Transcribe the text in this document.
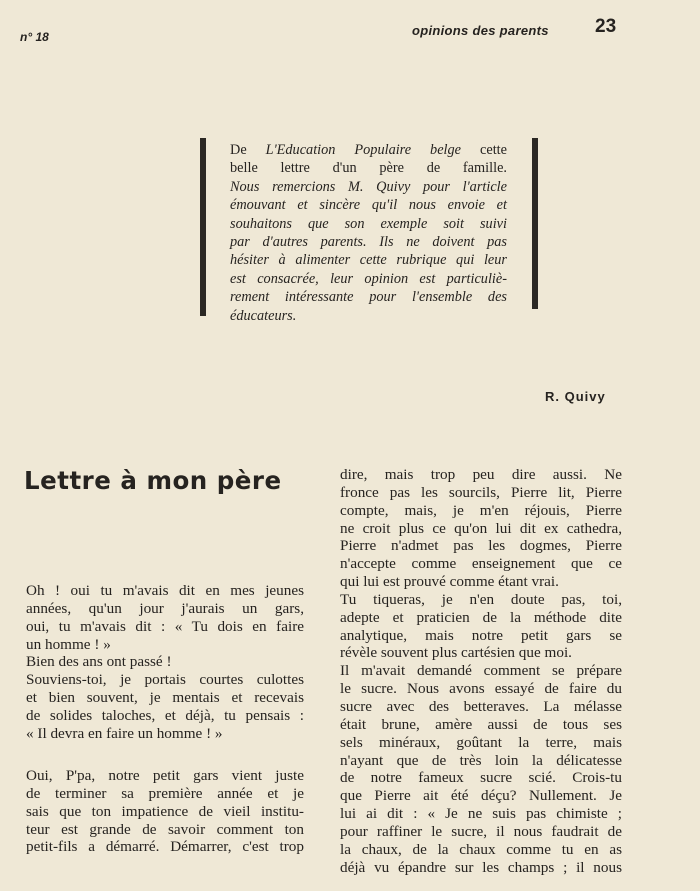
n° 18	opinions des parents 23
De L'Education Populaire belge cette
belle lettre d'un père de famille.
Nous remercions M. Quivy pour l'article
émouvant et sincère qu'il nous envoie et
souhaitons que son exemple soit suivi
par d'autres parents. Ils ne doivent pas
hésiter à alimenter cette rubrique qui leur
est consacrée, leur opinion est particuliè-
rement intéressante pour l'ensemble des
éducateurs.
R. Quivy
Lettre à mon père
Oh ! oui tu m'avais dit en mes jeunes
années, qu'un jour j'aurais un gars,
oui, tu m'avais dit : « Tu dois en faire
un homme ! »
Bien des ans ont passé !
Souviens-toi, je portais courtes culottes
et bien souvent, je mentais et recevais
de solides taloches, et déjà, tu pensais :
« Il devra en faire un homme ! »
Oui, P'pa, notre petit gars vient juste
de terminer sa première année et je
sais que ton impatience de vieil institu-
teur est grande de savoir comment ton
petit-fils a démarré. Démarrer, c'est trop
dire, mais trop peu dire aussi. Ne
fronce pas les sourcils, Pierre lit, Pierre
compte, mais, je m'en réjouis, Pierre
ne croit plus ce qu'on lui dit ex cathedra,
Pierre n'admet pas les dogmes, Pierre
n'accepte comme enseignement que ce
qui lui est prouvé comme étant vrai.
Tu tiqueras, je n'en doute pas, toi,
adepte et praticien de la méthode dite
analytique, mais notre petit gars se
révèle souvent plus cartésien que moi.
Il m'avait demandé comment se prépare
le sucre. Nous avons essayé de faire du
sucre avec des betteraves. La mélasse
était brune, amère aussi de tous ses
sels minéraux, goûtant la terre, mais
n'ayant que de très loin la délicatesse
de notre fameux sucre scié. Crois-tu
que Pierre ait été déçu? Nullement. Je
lui ai dit : « Je ne suis pas chimiste ;
pour raffiner le sucre, il nous faudrait de
la chaux, de la chaux comme tu en as
déjà vu épandre sur les champs ; il nous
